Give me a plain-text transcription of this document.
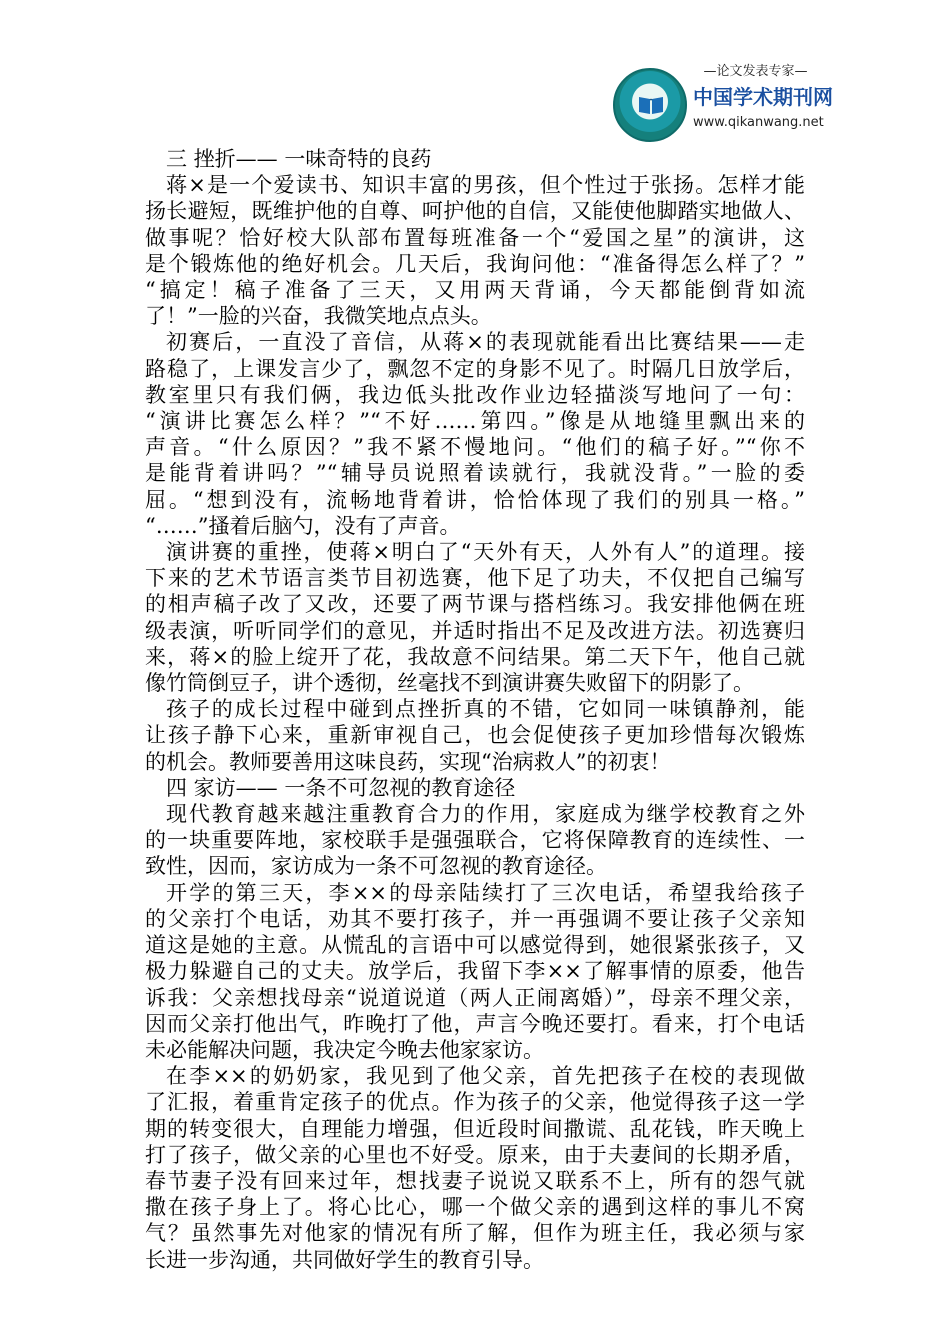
—论文发表专家—
中国学术期刊网
www.qikanwang.net
三 挫折—— 一味奇特的良药

蒋×是一个爱读书、知识丰富的男孩，但个性过于张扬。怎样才能
扬长避短，既维护他的自尊、呵护他的自信，又能使他脚踏实地做人、
做事呢？恰好校大队部布置每班准备一个“爱国之星”的演讲，这
是个锻炼他的绝好机会。几天后，我询问他：“准备得怎么样了？”
“搞定！稿子准备了三天，又用两天背诵，今天都能倒背如流
了！”一脸的兴奋，我微笑地点点头。

初赛后，一直没了音信，从蒋×的表现就能看出比赛结果——走
路稳了，上课发言少了，飘忽不定的身影不见了。时隔几日放学后，
教室里只有我们俩，我边低头批改作业边轻描淡写地问了一句：
“演讲比赛怎么样？”“不好……第四。”像是从地缝里飘出来的
声音。“什么原因？”我不紧不慢地问。“他们的稿子好。”“你不
是能背着讲吗？”“辅导员说照着读就行，我就没背。”一脸的委
屈。“想到没有，流畅地背着讲，恰恰体现了我们的别具一格。”
“……”搔着后脑勺，没有了声音。

演讲赛的重挫，使蒋×明白了“天外有天，人外有人”的道理。接
下来的艺术节语言类节目初选赛，他下足了功夫，不仅把自己编写
的相声稿子改了又改，还要了两节课与搭档练习。我安排他俩在班
级表演，听听同学们的意见，并适时指出不足及改进方法。初选赛归
来，蒋×的脸上绽开了花，我故意不问结果。第二天下午，他自己就
像竹筒倒豆子，讲个透彻，丝毫找不到演讲赛失败留下的阴影了。

孩子的成长过程中碰到点挫折真的不错，它如同一味镇静剂，能
让孩子静下心来，重新审视自己，也会促使孩子更加珍惜每次锻炼
的机会。教师要善用这味良药，实现“治病救人”的初衷！

四 家访—— 一条不可忽视的教育途径

现代教育越来越注重教育合力的作用，家庭成为继学校教育之外
的一块重要阵地，家校联手是强强联合，它将保障教育的连续性、一
致性，因而，家访成为一条不可忽视的教育途径。

开学的第三天，李××的母亲陆续打了三次电话，希望我给孩子
的父亲打个电话，劝其不要打孩子，并一再强调不要让孩子父亲知
道这是她的主意。从慌乱的言语中可以感觉得到，她很紧张孩子，又
极力躲避自己的丈夫。放学后，我留下李××了解事情的原委，他告
诉我：父亲想找母亲“说道说道（两人正闹离婚）”，母亲不理父亲，
因而父亲打他出气，昨晚打了他，声言今晚还要打。看来，打个电话
未必能解决问题，我决定今晚去他家家访。

在李××的奶奶家，我见到了他父亲，首先把孩子在校的表现做
了汇报，着重肯定孩子的优点。作为孩子的父亲，他觉得孩子这一学
期的转变很大，自理能力增强，但近段时间撒谎、乱花钱，昨天晚上
打了孩子，做父亲的心里也不好受。原来，由于夫妻间的长期矛盾，
春节妻子没有回来过年，想找妻子说说又联系不上，所有的怨气就
撒在孩子身上了。将心比心，哪一个做父亲的遇到这样的事儿不窝
气？虽然事先对他家的情况有所了解，但作为班主任，我必须与家
长进一步沟通，共同做好学生的教育引导。
